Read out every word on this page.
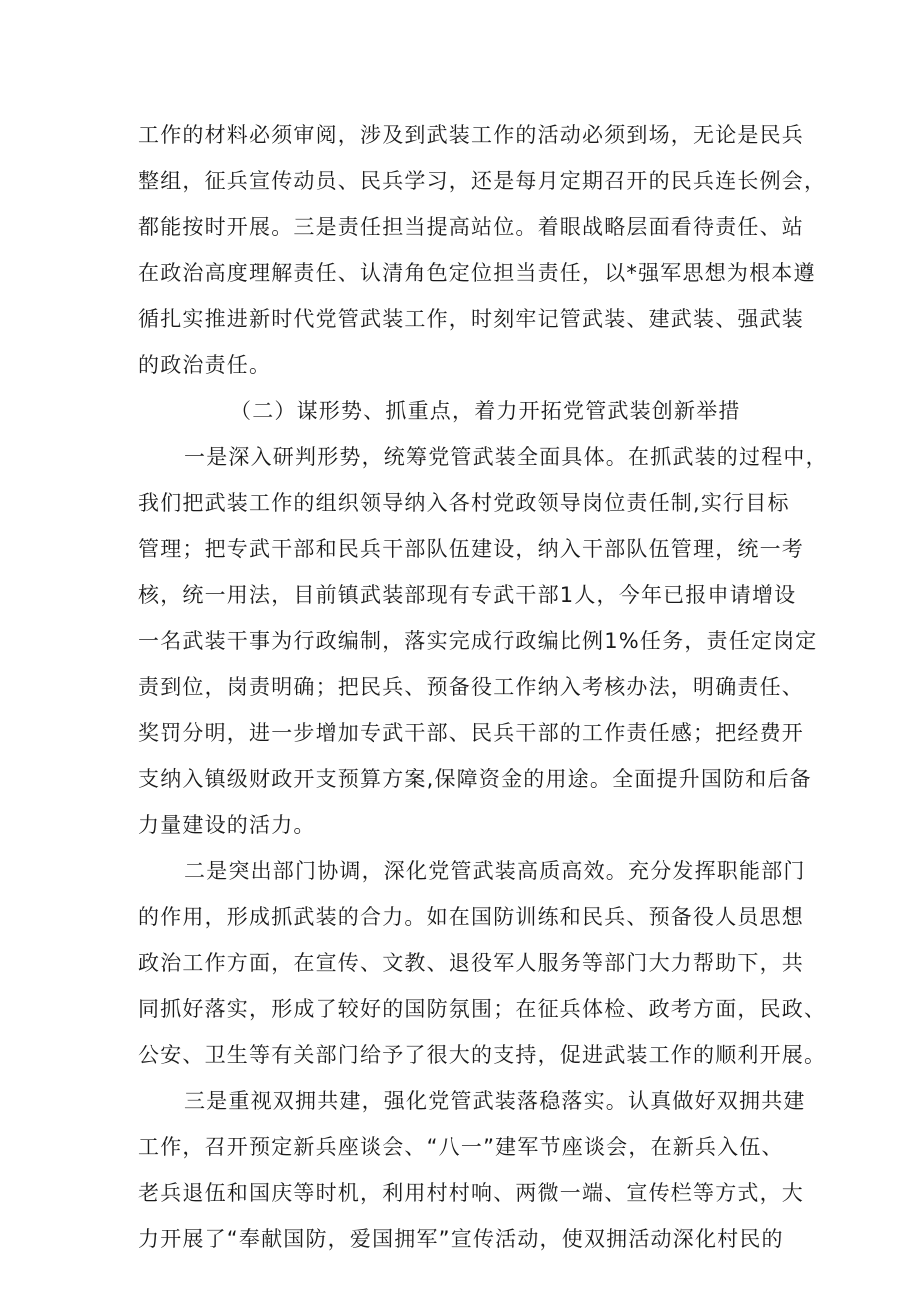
工作的材料必须审阅，涉及到武装工作的活动必须到场，无论是民兵
整组，征兵宣传动员、民兵学习，还是每月定期召开的民兵连长例会，
都能按时开展。三是责任担当提高站位。着眼战略层面看待责任、站
在政治高度理解责任、认清角色定位担当责任，以*强军思想为根本遵
循扎实推进新时代党管武装工作，时刻牢记管武装、建武装、强武装
的政治责任。
（二）谋形势、抓重点，着力开拓党管武装创新举措
一是深入研判形势，统筹党管武装全面具体。在抓武装的过程中，
我们把武装工作的组织领导纳入各村党政领导岗位责任制,实行目标
管理；把专武干部和民兵干部队伍建设，纳入干部队伍管理，统一考
核，统一用法，目前镇武装部现有专武干部1人，今年已报申请增设
一名武装干事为行政编制，落实完成行政编比例1%任务，责任定岗定
责到位，岗责明确；把民兵、预备役工作纳入考核办法，明确责任、
奖罚分明，进一步增加专武干部、民兵干部的工作责任感；把经费开
支纳入镇级财政开支预算方案,保障资金的用途。全面提升国防和后备
力量建设的活力。
二是突出部门协调，深化党管武装高质高效。充分发挥职能部门
的作用，形成抓武装的合力。如在国防训练和民兵、预备役人员思想
政治工作方面，在宣传、文教、退役军人服务等部门大力帮助下，共
同抓好落实，形成了较好的国防氛围；在征兵体检、政考方面，民政、
公安、卫生等有关部门给予了很大的支持，促进武装工作的顺利开展。
三是重视双拥共建，强化党管武装落稳落实。认真做好双拥共建
工作，召开预定新兵座谈会、“八一”建军节座谈会，在新兵入伍、
老兵退伍和国庆等时机，利用村村响、两微一端、宣传栏等方式，大
力开展了“奉献国防，爱国拥军”宣传活动，使双拥活动深化村民的
